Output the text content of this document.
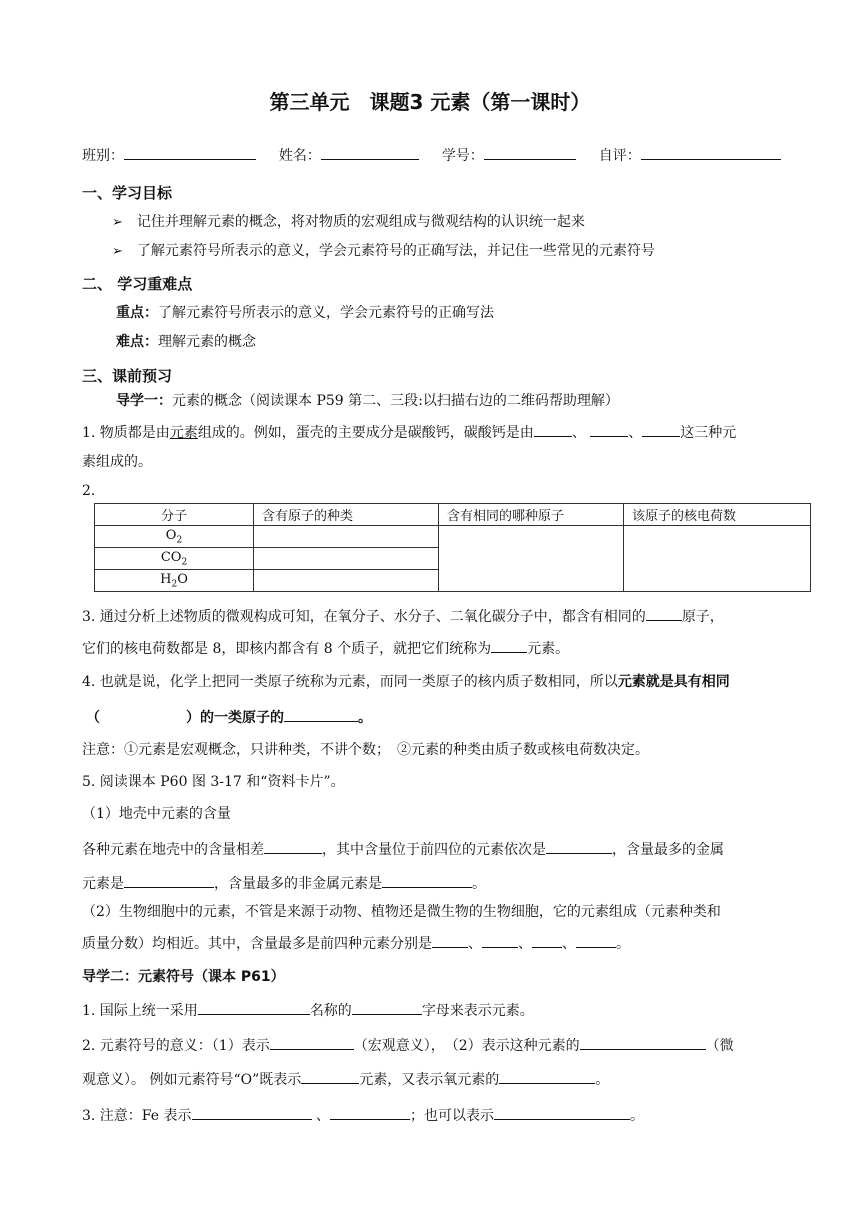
第三单元　课题3 元素（第一课时）
班别：	姓名：	学号：	自评：
一、学习目标
➢ 记住并理解元素的概念，将对物质的宏观组成与微观结构的认识统一起来
➢ 了解元素符号所表示的意义，学会元素符号的正确写法，并记住一些常见的元素符号
二、 学习重难点
重点：了解元素符号所表示的意义，学会元素符号的正确写法
难点：理解元素的概念
三、课前预习
导学一：元素的概念（阅读课本 P59 第二、三段:以扫描右边的二维码帮助理解）
1. 物质都是由元素组成的。例如，蛋壳的主要成分是碳酸钙，碳酸钙是由	、	、	这三种元
素组成的。
2.
分子	含有原子的种类	含有相同的哪种原子	该原子的核电荷数
$O_2$			
$CO_2$	
$H_2O$			
3. 通过分析上述物质的微观构成可知，在氧分子、水分子、二氧化碳分子中，都含有相同的	原子，
它们的核电荷数都是 8，即核内都含有 8 个质子，就把它们统称为	元素。
4. 也就是说，化学上把同一类原子统称为元素，而同一类原子的核内质子数相同，所以元素就是具有相同
（	）的一类原子的	。
注意：①元素是宏观概念，只讲种类，不讲个数；　②元素的种类由质子数或核电荷数决定。
5. 阅读课本 P60 图 3-17 和“资料卡片”。
（1）地壳中元素的含量
各种元素在地壳中的含量相差	，其中含量位于前四位的元素依次是	，含量最多的金属
元素是	，含量最多的非金属元素是	。
（2）生物细胞中的元素，不管是来源于动物、植物还是微生物的生物细胞，它的元素组成（元素种类和
质量分数）均相近。其中，含量最多是前四种元素分别是	、	、 、	。
导学二：元素符号（课本 P61）
1. 国际上统一采用	名称的	字母来表示元素。
2. 元素符号的意义：（1）表示	（宏观意义），　（2）表示这种元素的	（微
观意义）。 例如元素符号“O”既表示	元素，又表示氧元素的	。
3. 注意：Fe 表示	、	；也可以表示	。
